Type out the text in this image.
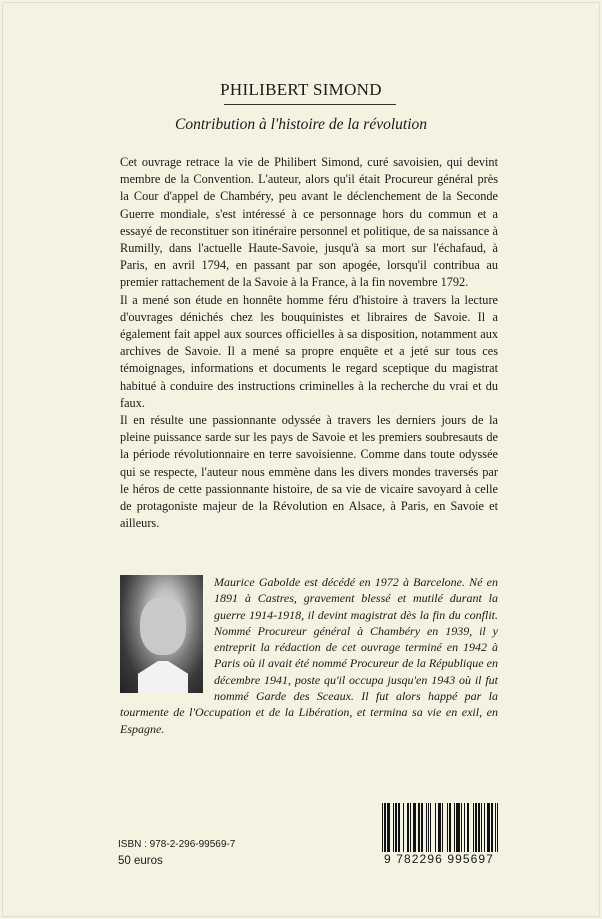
PHILIBERT SIMOND
Contribution à l'histoire de la révolution

Cet ouvrage retrace la vie de Philibert Simond, curé savoisien, qui devint membre de la Convention. L'auteur, alors qu'il était Procureur général près la Cour d'appel de Chambéry, peu avant le déclenchement de la Seconde Guerre mondiale, s'est intéressé à ce personnage hors du commun et a essayé de reconstituer son itinéraire personnel et politique, de sa naissance à Rumilly, dans l'actuelle Haute-Savoie, jusqu'à sa mort sur l'échafaud, à Paris, en avril 1794, en passant par son apogée, lorsqu'il contribua au premier rattachement de la Savoie à la France, à la fin novembre 1792.

Il a mené son étude en honnête homme féru d'histoire à travers la lecture d'ouvrages dénichés chez les bouquinistes et libraires de Savoie. Il a également fait appel aux sources officielles à sa disposition, notamment aux archives de Savoie. Il a mené sa propre enquête et a jeté sur tous ces témoignages, informations et documents le regard sceptique du magistrat habitué à conduire des instructions criminelles à la recherche du vrai et du faux.

Il en résulte une passionnante odyssée à travers les derniers jours de la pleine puissance sarde sur les pays de Savoie et les premiers soubresauts de la période révolutionnaire en terre savoisienne. Comme dans toute odyssée qui se respecte, l'auteur nous emmène dans les divers mondes traversés par le héros de cette passionnante histoire, de sa vie de vicaire savoyard à celle de protagoniste majeur de la Révolution en Alsace, à Paris, en Savoie et ailleurs.

Maurice Gabolde est décédé en 1972 à Barcelone. Né en 1891 à Castres, gravement blessé et mutilé durant la guerre 1914-1918, il devint magistrat dès la fin du conflit. Nommé Procureur général à Chambéry en 1939, il y entreprit la rédaction de cet ouvrage terminé en 1942 à Paris où il avait été nommé Procureur de la République en décembre 1941, poste qu'il occupa jusqu'en 1943 où il fut nommé Garde des Sceaux. Il fut alors happé par la tourmente de l'Occupation et de la Libération, et termina sa vie en exil, en Espagne.
ISBN : 978-2-296-99569-7
50 euros	9 782296 995697
